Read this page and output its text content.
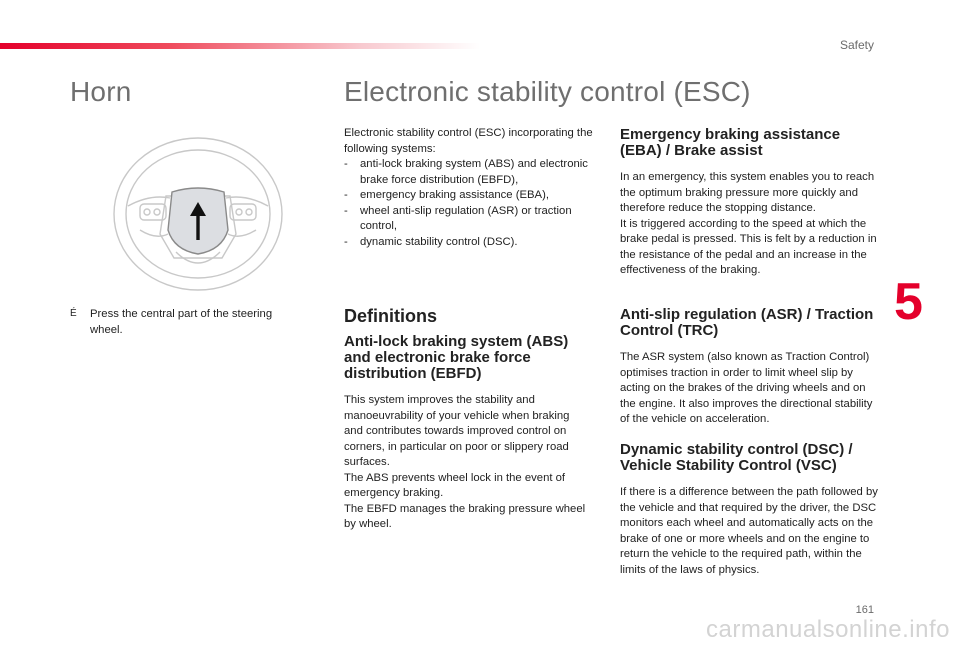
Safety
Horn
É Press the central part of the steering wheel.

Electronic stability control (ESC)

Electronic stability control (ESC) incorporating the following systems:

- anti-lock braking system (ABS) and electronic brake force distribution (EBFD),
- emergency braking assistance (EBA),
- wheel anti-slip regulation (ASR) or traction control,
- dynamic stability control (DSC).
Definitions
Anti-lock braking system (ABS) and electronic brake force distribution (EBFD)

This system improves the stability and manoeuvrability of your vehicle when braking and contributes towards improved control on corners, in particular on poor or slippery road surfaces.

The ABS prevents wheel lock in the event of emergency braking.

The EBFD manages the braking pressure wheel by wheel.

Emergency braking assistance (EBA) / Brake assist

In an emergency, this system enables you to reach the optimum braking pressure more quickly and therefore reduce the stopping distance.

It is triggered according to the speed at which the brake pedal is pressed. This is felt by a reduction in the resistance of the pedal and an increase in the effectiveness of the braking.

Anti-slip regulation (ASR) / Traction Control (TRC)

The ASR system (also known as Traction Control) optimises traction in order to limit wheel slip by acting on the brakes of the driving wheels and on the engine. It also improves the directional stability of the vehicle on acceleration.

Dynamic stability control (DSC) / Vehicle Stability Control (VSC)

If there is a difference between the path followed by the vehicle and that required by the driver, the DSC monitors each wheel and automatically acts on the brake of one or more wheels and on the engine to return the vehicle to the required path, within the limits of the laws of physics.

5
161
carmanualsonline.info
